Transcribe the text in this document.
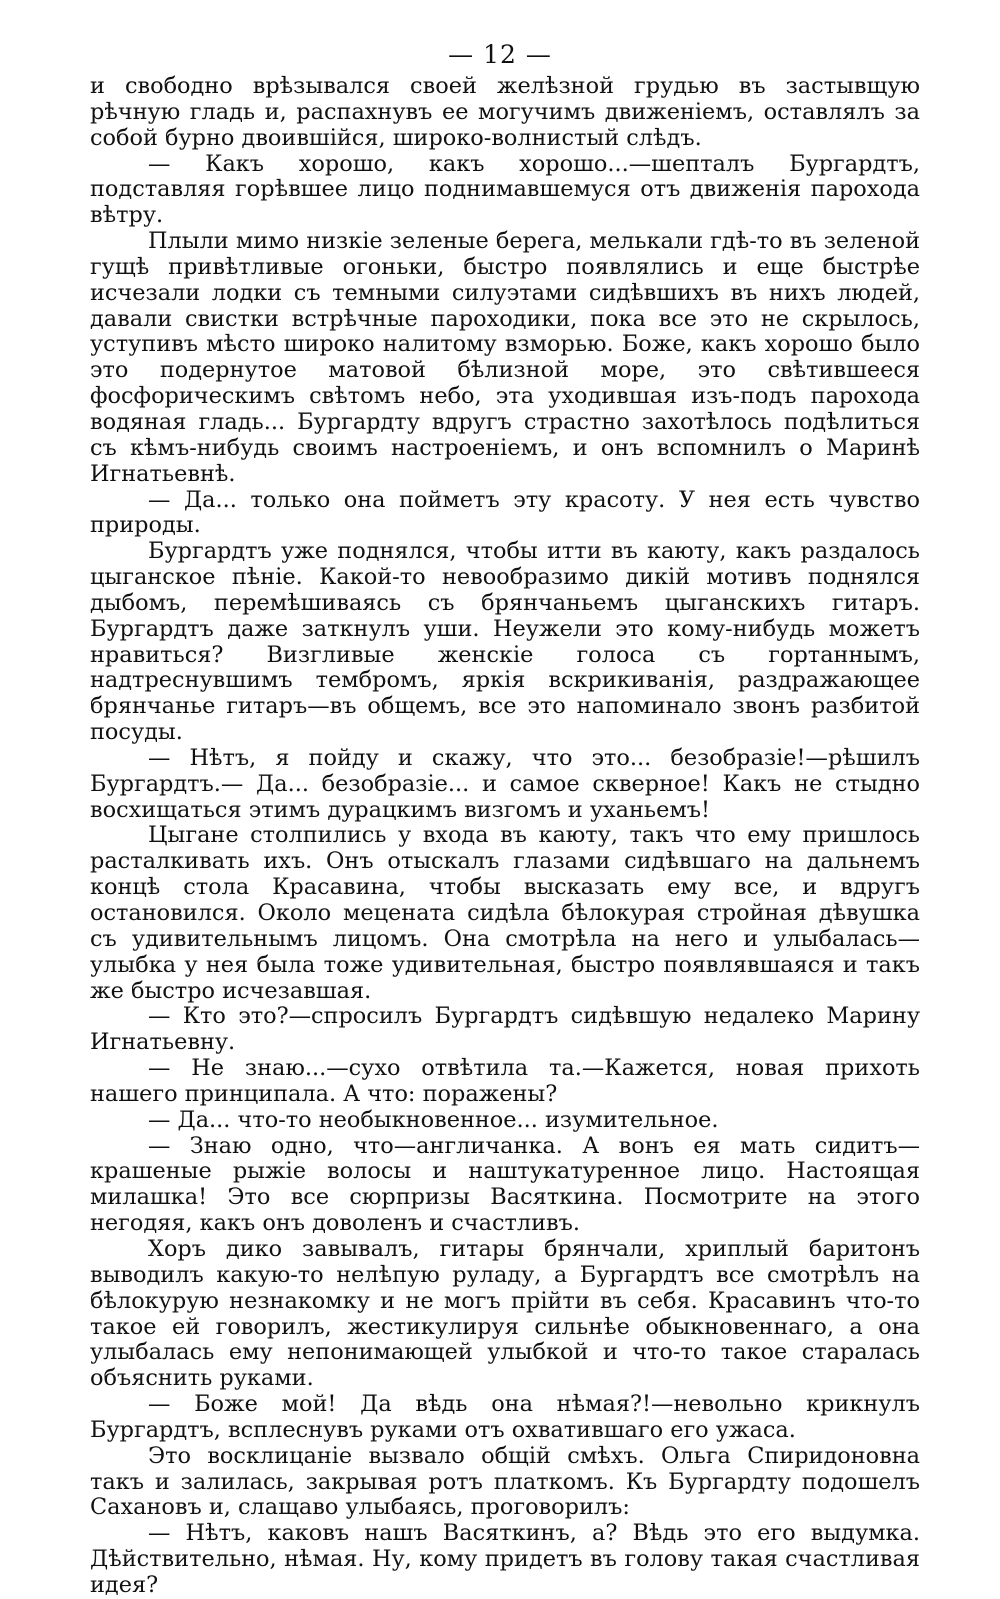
— 12 —

и свободно врѣзывался своей желѣзной грудью въ застывщую рѣчную гладь и, распахнувъ ее могучимъ движенiемъ, оставлялъ за собой бурно двоившiйся, широко-волнистый слѣдъ.

— Какъ хорошо, какъ хорошо...—шепталъ Бургардтъ, подставляя горѣвшее лицо поднимавшемуся отъ движенiя парохода вѣтру.

Плыли мимо низкiе зеленые берега, мелькали гдѣ-то въ зеленой гущѣ привѣтливые огоньки, быстро появлялись и еще быстрѣе исчезали лодки съ темными силуэтами сидѣвшихъ въ нихъ людей, давали свистки встрѣчные пароходики, пока все это не скрылось, уступивъ мѣсто широко налитому взморью. Боже, какъ хорошо было это подернутое матовой бѣлизной море, это свѣтившееся фосфорическимъ свѣтомъ небо, эта уходившая изъ-подъ парохода водяная гладь... Бургардту вдругъ страстно захотѣлось подѣлиться съ кѣмъ-нибудь своимъ настроенiемъ, и онъ вспомнилъ о Маринѣ Игнатьевнѣ.

— Да... только она пойметъ эту красоту. У нея есть чувство природы.

Бургардтъ уже поднялся, чтобы итти въ каюту, какъ раздалось цыганское пѣнiе. Какой-то невообразимо дикiй мотивъ поднялся дыбомъ, перемѣшиваясь съ брянчаньемъ цыганскихъ гитаръ. Бургардтъ даже заткнулъ уши. Неужели это кому-нибудь можетъ нравиться? Визгливые женскiе голоса съ гортаннымъ, надтреснувшимъ тембромъ, яркiя вскрикиванiя, раздражающее брянчанье гитаръ—въ общемъ, все это напоминало звонъ разбитой посуды.

— Нѣтъ, я пойду и скажу, что это... безобразiе!—рѣшилъ Бургардтъ.— Да... безобразiе... и самое скверное! Какъ не стыдно восхищаться этимъ дурацкимъ визгомъ и уханьемъ!

Цыгане столпились у входа въ каюту, такъ что ему пришлось расталкивать ихъ. Онъ отыскалъ глазами сидѣвшаго на дальнемъ концѣ стола Красавина, чтобы высказать ему все, и вдругъ остановился. Около мецената сидѣла бѣлокурая стройная дѣвушка съ удивительнымъ лицомъ. Она смотрѣла на него и улыбалась—улыбка у нея была тоже удивительная, быстро появлявшаяся и такъ же быстро исчезавшая.

— Кто это?—спросилъ Бургардтъ сидѣвшую недалеко Марину Игнатьевну.

— Не знаю...—сухо отвѣтила та.—Кажется, новая прихоть нашего принципала. А что: поражены?

— Да... что-то необыкновенное... изумительное.

— Знаю одно, что—англичанка. А вонъ ея мать сидитъ—крашеные рыжiе волосы и наштукатуренное лицо. Настоящая милашка! Это все сюрпризы Васяткина. Посмотрите на этого негодяя, какъ онъ доволенъ и счастливъ.

Хоръ дико завывалъ, гитары брянчали, хриплый баритонъ выводилъ какую-то нелѣпую руладу, а Бургардтъ все смотрѣлъ на бѣлокурую незнакомку и не могъ прiйти въ себя. Красавинъ что-то такое ей говорилъ, жестикулируя сильнѣе обыкновеннаго, а она улыбалась ему непонимающей улыбкой и что-то такое старалась объяснить руками.

— Боже мой! Да вѣдь она нѣмая?!—невольно крикнулъ Бургардтъ, всплеснувъ руками отъ охватившаго его ужаса.

Это восклицанiе вызвало общiй смѣхъ. Ольга Спиридоновна такъ и залилась, закрывая ротъ платкомъ. Къ Бургардту подошелъ Сахановъ и, слащаво улыбаясь, проговорилъ:

— Нѣтъ, каковъ нашъ Васяткинъ, а? Вѣдь это его выдумка. Дѣйствительно, нѣмая. Ну, кому придетъ въ голову такая счастливая идея?
